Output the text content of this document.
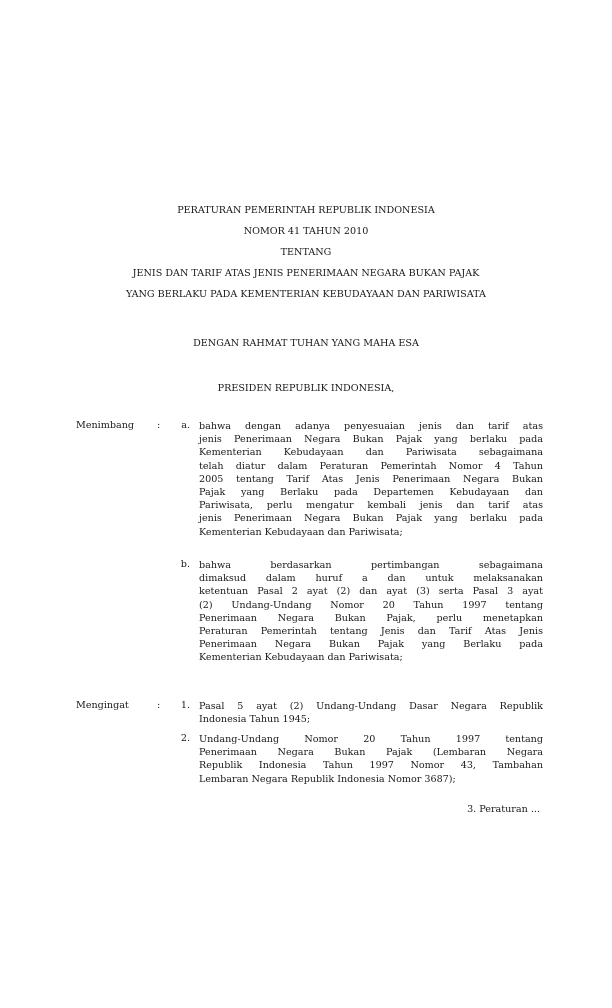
PERATURAN PEMERINTAH REPUBLIK INDONESIA
NOMOR 41 TAHUN 2010
TENTANG
JENIS DAN TARIF ATAS JENIS PENERIMAAN NEGARA BUKAN PAJAK
YANG BERLAKU PADA KEMENTERIAN KEBUDAYAAN DAN PARIWISATA
DENGAN RAHMAT TUHAN YANG MAHA ESA
PRESIDEN REPUBLIK INDONESIA,
Menimbang :	a. bahwa dengan adanya penyesuaian jenis dan tarif atas
jenis Penerimaan Negara Bukan Pajak yang berlaku pada
Kementerian Kebudayaan dan Pariwisata sebagaimana
telah diatur dalam Peraturan Pemerintah Nomor 4 Tahun
2005 tentang Tarif Atas Jenis Penerimaan Negara Bukan
Pajak yang Berlaku pada Departemen Kebudayaan dan
Pariwisata, perlu mengatur kembali jenis dan tarif atas
jenis Penerimaan Negara Bukan Pajak yang berlaku pada
Kementerian Kebudayaan dan Pariwisata;
b. bahwa berdasarkan pertimbangan sebagaimana
dimaksud dalam huruf a dan untuk melaksanakan
ketentuan Pasal 2 ayat (2) dan ayat (3) serta Pasal 3 ayat
(2) Undang-Undang Nomor 20 Tahun 1997 tentang
Penerimaan Negara Bukan Pajak, perlu menetapkan
Peraturan Pemerintah tentang Jenis dan Tarif Atas Jenis
Penerimaan Negara Bukan Pajak yang Berlaku pada
Kementerian Kebudayaan dan Pariwisata;
Mengingat	:	1. Pasal 5 ayat (2) Undang-Undang Dasar Negara Republik
Indonesia Tahun 1945;
2. Undang-Undang Nomor 20 Tahun 1997 tentang
Penerimaan Negara Bukan Pajak (Lembaran Negara
Republik Indonesia Tahun 1997 Nomor 43, Tambahan
Lembaran Negara Republik Indonesia Nomor 3687);
3. Peraturan ...
